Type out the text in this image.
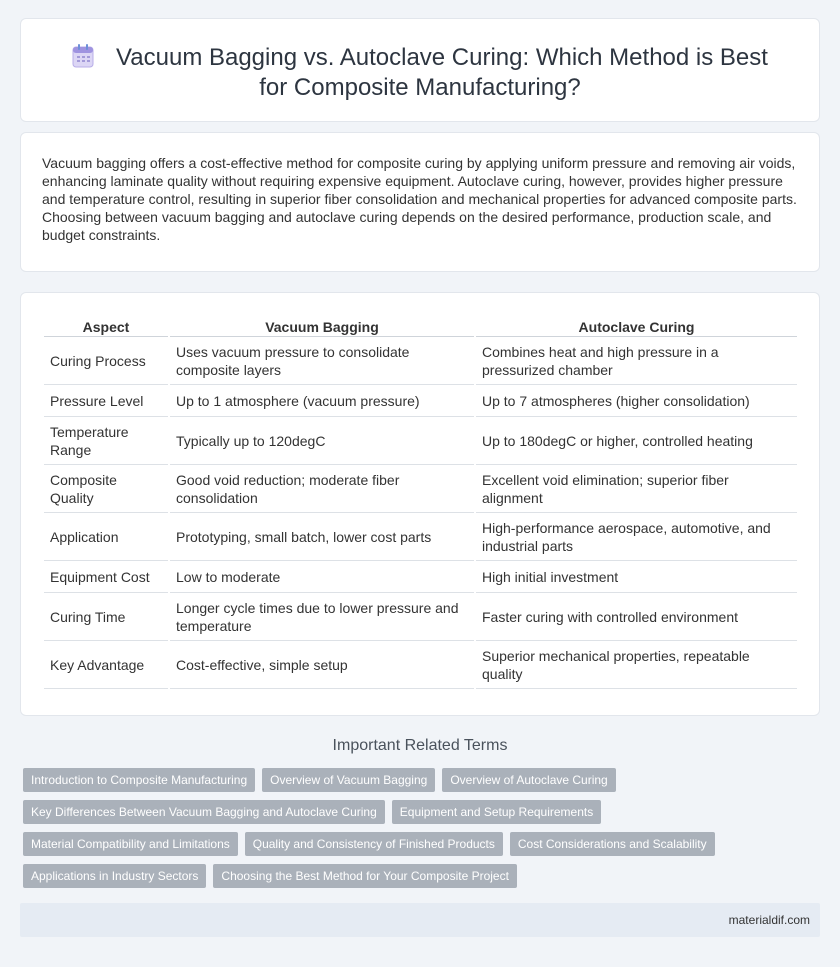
Vacuum Bagging vs. Autoclave Curing: Which Method is Best for Composite Manufacturing?

Vacuum bagging offers a cost-effective method for composite curing by applying uniform pressure and removing air voids, enhancing laminate quality without requiring expensive equipment. Autoclave curing, however, provides higher pressure and temperature control, resulting in superior fiber consolidation and mechanical properties for advanced composite parts. Choosing between vacuum bagging and autoclave curing depends on the desired performance, production scale, and budget constraints.

Aspect	Vacuum Bagging	Autoclave Curing
Curing Process	Uses vacuum pressure to consolidate composite layers	Combines heat and high pressure in a pressurized chamber
Pressure Level	Up to 1 atmosphere (vacuum pressure)	Up to 7 atmospheres (higher consolidation)
Temperature Range	Typically up to 120degC	Up to 180degC or higher, controlled heating
Composite Quality	Good void reduction; moderate fiber consolidation	Excellent void elimination; superior fiber alignment
Application	Prototyping, small batch, lower cost parts	High-performance aerospace, automotive, and industrial parts
Equipment Cost	Low to moderate	High initial investment
Curing Time	Longer cycle times due to lower pressure and temperature	Faster curing with controlled environment
Key Advantage	Cost-effective, simple setup	Superior mechanical properties, repeatable quality
Important Related Terms
Introduction to Composite Manufacturing	Overview of Vacuum Bagging	Overview of Autoclave Curing
Key Differences Between Vacuum Bagging and Autoclave Curing	Equipment and Setup Requirements
Material Compatibility and Limitations	Quality and Consistency of Finished Products	Cost Considerations and Scalability
Applications in Industry Sectors	Choosing the Best Method for Your Composite Project
materialdif.com
